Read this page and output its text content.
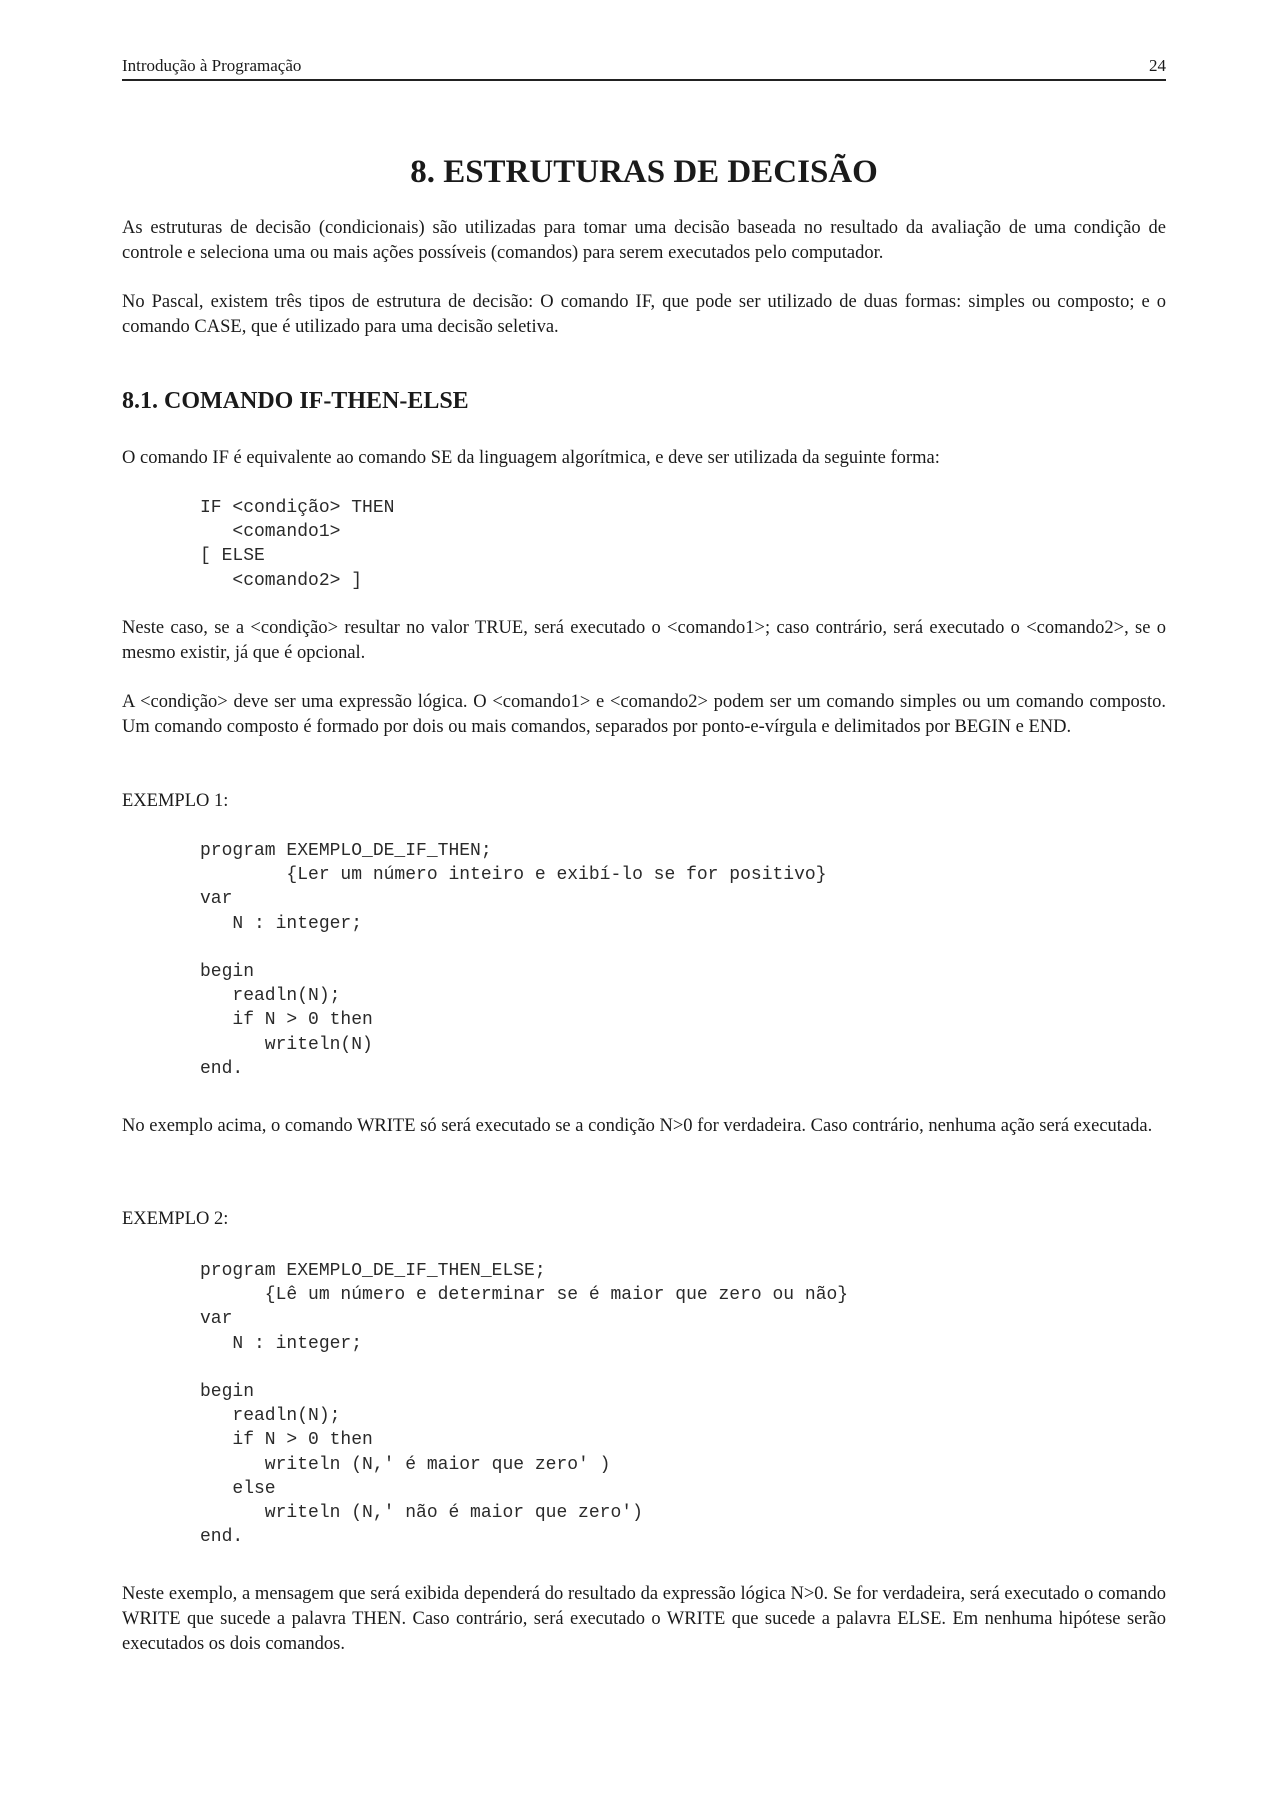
Introdução à Programação	24
8. ESTRUTURAS DE DECISÃO

As estruturas de decisão (condicionais) são utilizadas para tomar uma decisão baseada no resultado da avaliação de uma condição de controle e seleciona uma ou mais ações possíveis (comandos) para serem executados pelo computador.

No Pascal, existem três tipos de estrutura de decisão: O comando IF, que pode ser utilizado de duas formas: simples ou composto; e o comando CASE, que é utilizado para uma decisão seletiva.

8.1. COMANDO IF-THEN-ELSE

O comando IF é equivalente ao comando SE da linguagem algorítmica, e deve ser utilizada da seguinte forma:

IF <condição> THEN
<comando1>
[ ELSE
<comando2> ]

Neste caso, se a <condição> resultar no valor TRUE, será executado o <comando1>; caso contrário, será executado o <comando2>, se o mesmo existir, já que é opcional.

A <condição> deve ser uma expressão lógica. O <comando1> e <comando2> podem ser um comando simples ou um comando composto. Um comando composto é formado por dois ou mais comandos, separados por ponto-e-vírgula e delimitados por BEGIN e END.

EXEMPLO 1:

program EXEMPLO_DE_IF_THEN;
{Ler um número inteiro e exibí-lo se for positivo}
var
N : integer;

begin
readln(N);
if N > 0 then
writeln(N)
end.

No exemplo acima, o comando WRITE só será executado se a condição N>0 for verdadeira. Caso contrário, nenhuma ação será executada.

EXEMPLO 2:

program EXEMPLO_DE_IF_THEN_ELSE;
{Lê um número e determinar se é maior que zero ou não}
var
N : integer;

begin
readln(N);
if N > 0 then
writeln (N,' é maior que zero' )
else
writeln (N,' não é maior que zero')
end.

Neste exemplo, a mensagem que será exibida dependerá do resultado da expressão lógica N>0. Se for verdadeira, será executado o comando WRITE que sucede a palavra THEN. Caso contrário, será executado o WRITE que sucede a palavra ELSE. Em nenhuma hipótese serão executados os dois comandos.
